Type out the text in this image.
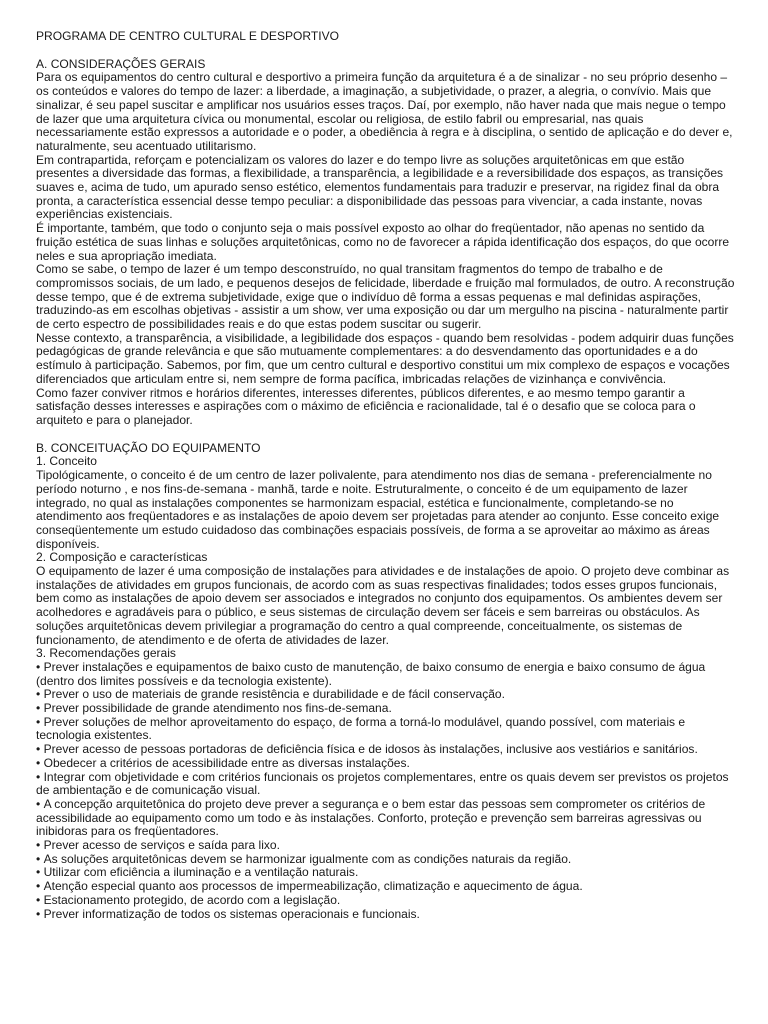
PROGRAMA DE CENTRO CULTURAL E DESPORTIVO

A. CONSIDERAÇÕES GERAIS

Para os equipamentos do centro cultural e desportivo a primeira função da arquitetura é a de sinalizar - no seu próprio desenho – os conteúdos e valores do tempo de lazer: a liberdade, a imaginação, a subjetividade, o prazer, a alegria, o convívio. Mais que sinalizar, é seu papel suscitar e amplificar nos usuários esses traços. Daí, por exemplo, não haver nada que mais negue o tempo de lazer que uma arquitetura cívica ou monumental, escolar ou religiosa, de estilo fabril ou empresarial, nas quais necessariamente estão expressos a autoridade e o poder, a obediência à regra e à disciplina, o sentido de aplicação e do dever e, naturalmente, seu acentuado utilitarismo.

Em contrapartida, reforçam e potencializam os valores do lazer e do tempo livre as soluções arquitetônicas em que estão presentes a diversidade das formas, a flexibilidade, a transparência, a legibilidade e a reversibilidade dos espaços, as transições suaves e, acima de tudo, um apurado senso estético, elementos fundamentais para traduzir e preservar, na rigidez final da obra pronta, a característica essencial desse tempo peculiar: a disponibilidade das pessoas para vivenciar, a cada instante, novas experiências existenciais.

É importante, também, que todo o conjunto seja o mais possível exposto ao olhar do freqüentador, não apenas no sentido da fruição estética de suas linhas e soluções arquitetônicas, como no de favorecer a rápida identificação dos espaços, do que ocorre neles e sua apropriação imediata.

Como se sabe, o tempo de lazer é um tempo desconstruído, no qual transitam fragmentos do tempo de trabalho e de compromissos sociais, de um lado, e pequenos desejos de felicidade, liberdade e fruição mal formulados, de outro. A reconstrução desse tempo, que é de extrema subjetividade, exige que o indivíduo dê forma a essas pequenas e mal definidas aspirações, traduzindo-as em escolhas objetivas - assistir a um show, ver uma exposição ou dar um mergulho na piscina - naturalmente partir de certo espectro de possibilidades reais e do que estas podem suscitar ou sugerir.

Nesse contexto, a transparência, a visibilidade, a legibilidade dos espaços - quando bem resolvidas - podem adquirir duas funções pedagógicas de grande relevância e que são mutuamente complementares: a do desvendamento das oportunidades e a do estímulo à participação. Sabemos, por fim, que um centro cultural e desportivo constitui um mix complexo de espaços e vocações diferenciados que articulam entre si, nem sempre de forma pacífica, imbricadas relações de vizinhança e convivência.

Como fazer conviver ritmos e horários diferentes, interesses diferentes, públicos diferentes, e ao mesmo tempo garantir a satisfação desses interesses e aspirações com o máximo de eficiência e racionalidade, tal é o desafio que se coloca para o arquiteto e para o planejador.

B. CONCEITUAÇÃO DO EQUIPAMENTO

1. Conceito

Tipológicamente, o conceito é de um centro de lazer polivalente, para atendimento nos dias de semana - preferencialmente no período noturno , e nos fins-de-semana - manhã, tarde e noite. Estruturalmente, o conceito é de um equipamento de lazer integrado, no qual as instalações componentes se harmonizam espacial, estética e funcionalmente, completando-se no atendimento aos freqüentadores e as instalações de apoio devem ser projetadas para atender ao conjunto. Esse conceito exige conseqüentemente um estudo cuidadoso das combinações espaciais possíveis, de forma a se aproveitar ao máximo as áreas disponíveis.

2. Composição e características

O equipamento de lazer é uma composição de instalações para atividades e de instalações de apoio. O projeto deve combinar as instalações de atividades em grupos funcionais, de acordo com as suas respectivas finalidades; todos esses grupos funcionais, bem como as instalações de apoio devem ser associados e integrados no conjunto dos equipamentos. Os ambientes devem ser acolhedores e agradáveis para o público, e seus sistemas de circulação devem ser fáceis e sem barreiras ou obstáculos. As soluções arquitetônicas devem privilegiar a programação do centro a qual compreende, conceitualmente, os sistemas de funcionamento, de atendimento e de oferta de atividades de lazer.

3. Recomendações gerais

• Prever instalações e equipamentos de baixo custo de manutenção, de baixo consumo de energia e baixo consumo de água (dentro dos limites possíveis e da tecnologia existente).
• Prever o uso de materiais de grande resistência e durabilidade e de fácil conservação.
• Prever possibilidade de grande atendimento nos fins-de-semana.
• Prever soluções de melhor aproveitamento do espaço, de forma a torná-lo modulável, quando possível, com materiais e tecnologia existentes.
• Prever acesso de pessoas portadoras de deficiência física e de idosos às instalações, inclusive aos vestiários e sanitários.
• Obedecer a critérios de acessibilidade entre as diversas instalações.
• Integrar com objetividade e com critérios funcionais os projetos complementares, entre os quais devem ser previstos os projetos de ambientação e de comunicação visual.
• A concepção arquitetônica do projeto deve prever a segurança e o bem estar das pessoas sem comprometer os critérios de acessibilidade ao equipamento como um todo e às instalações. Conforto, proteção e prevenção sem barreiras agressivas ou inibidoras para os freqüentadores.
• Prever acesso de serviços e saída para lixo.
• As soluções arquitetônicas devem se harmonizar igualmente com as condições naturais da região.
• Utilizar com eficiência a iluminação e a ventilação naturais.
• Atenção especial quanto aos processos de impermeabilização, climatização e aquecimento de água.
• Estacionamento protegido, de acordo com a legislação.
• Prever informatização de todos os sistemas operacionais e funcionais.
